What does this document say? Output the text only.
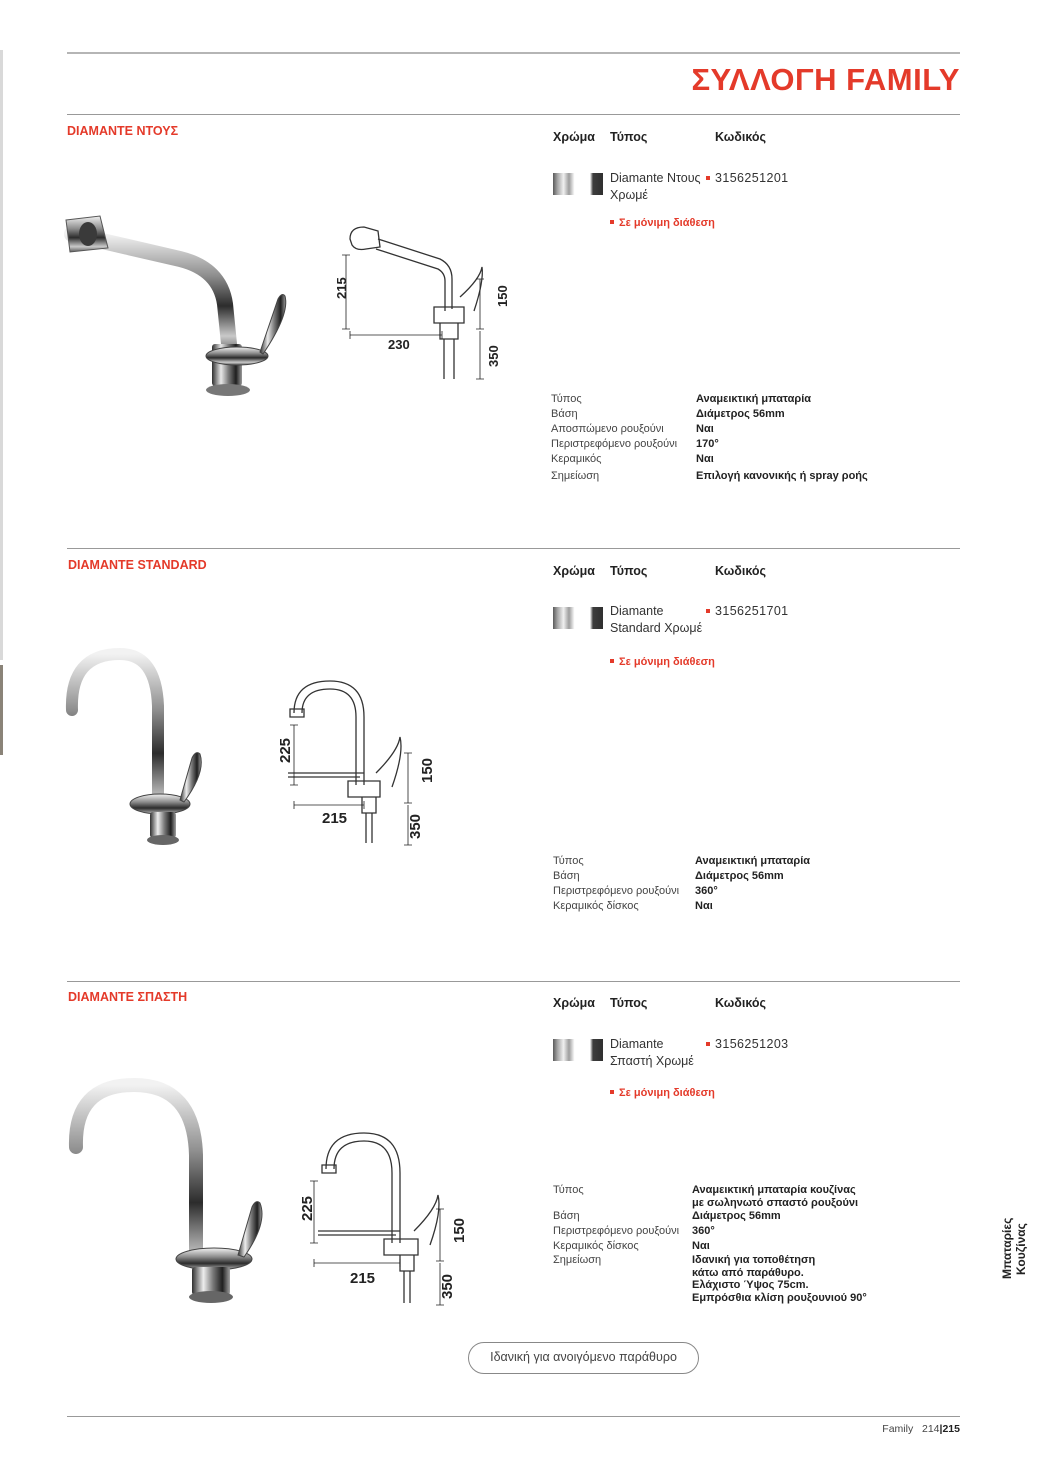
ΣΥΛΛΟΓΗ FAMILY
DIAMANTE ΝΤΟΥΣ	Χρώμα Τύπος	Κωδικός
Diamante Ντους
Χρωμέ
3156251201
Σε μόνιμη διάθεση
215
230
150
350
Τύπος	Αναμεικτική μπαταρία
Βάση	Διάμετρος 56mm
Αποσπώμενο ρουξούνι	Ναι
Περιστρεφόμενο ρουξούνι	170°
Κεραμικός	Ναι
Σημείωση	Επιλογή κανονικής ή spray ροής
DIAMANTE STANDARD	Χρώμα Τύπος	Κωδικός
Diamante
Standard Χρωμέ
3156251701
Σε μόνιμη διάθεση
225
215
150
350
Τύπος	Αναμεικτική μπαταρία
Βάση	Διάμετρος 56mm
Περιστρεφόμενο ρουξούνι	360°
Κεραμικός δίσκος	Ναι
DIAMANTE ΣΠΑΣΤΗ	Χρώμα Τύπος	Κωδικός
Diamante
Σπαστή Χρωμέ
3156251203
Σε μόνιμη διάθεση
225
215
150
350
Τύπος	Αναμεικτική μπαταρία κουζίνας
με σωληνωτό σπαστό ρουξούνι
Βάση	Διάμετρος 56mm
Περιστρεφόμενο ρουξούνι	360°
Κεραμικός δίσκος	Ναι
Σημείωση	Ιδανική για τοποθέτηση
κάτω από παράθυρο.
Ελάχιστο Ύψος 75cm.
Εμπρόσθια κλίση ρουξουνιού 90°
Ιδανική για ανοιγόμενο παράθυρο
Μπαταρίες Κουζίνας
Family 214|215
